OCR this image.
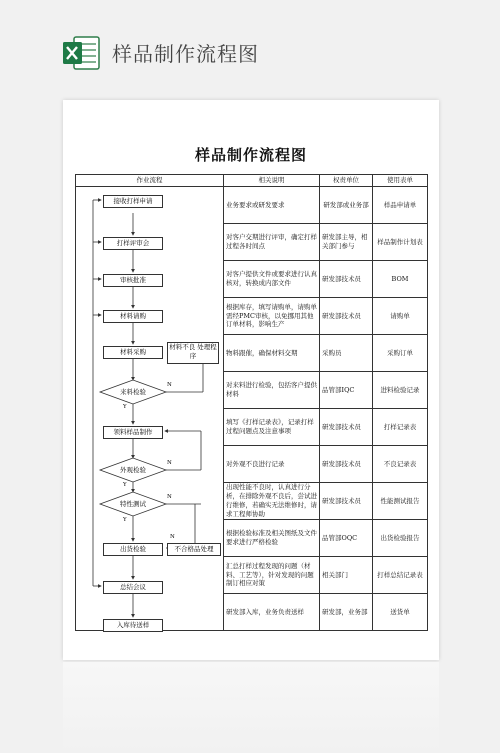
样品制作流程图
样品制作流程图
作业流程	相关说明	权责单位	使用表单
	业务要求或研发要求	研发部或业务部	样品申请单
	对客户交期进行评审，确定打样过程各时间点	研发部主导，相关部门参与	样品制作计划表
	对客户提供文件或要求进行认真核对，转换成内部文件	研发部技术员	BOM
	根据库存，填写请购单，请购单需经PMC审核，以免挪用其他订单材料，影响生产	研发部技术员	请购单
	物料跟催，确保材料交期	采购员	采购订单
	对来料进行检验，包括客户提供材料	品管部IQC	进料检验记录
	填写《打样记录表》，记录打样过程问题点及注意事项	研发部技术员	打样记录表
	对外观不良进行记录	研发部技术员	不良记录表
	出现性能不良时，认真进行分析，在排除外观不良后，尝试进行维修，若确实无法维修时，请求工程师协助	研发部技术员	性能测试报告
	根据检验标准及相关图纸及文件要求进行严格检验	品管部OQC	出货检验报告
	汇总打样过程发现的问题（材料、工艺等），针对发现的问题制订相应对策	相关部门	打样总结记录表
	研发部入库，业务负责送样	研发部，业务部	送货单
接收打样申请
打样评审会
审核批准
材料请购
材料采购
来料检验
领料样品制作
外观检验
特性测试
出货检验
总结会议
入库待送样
材料不良 处理程序
不合格品处理
N
Y
N
Y
N
Y
N
